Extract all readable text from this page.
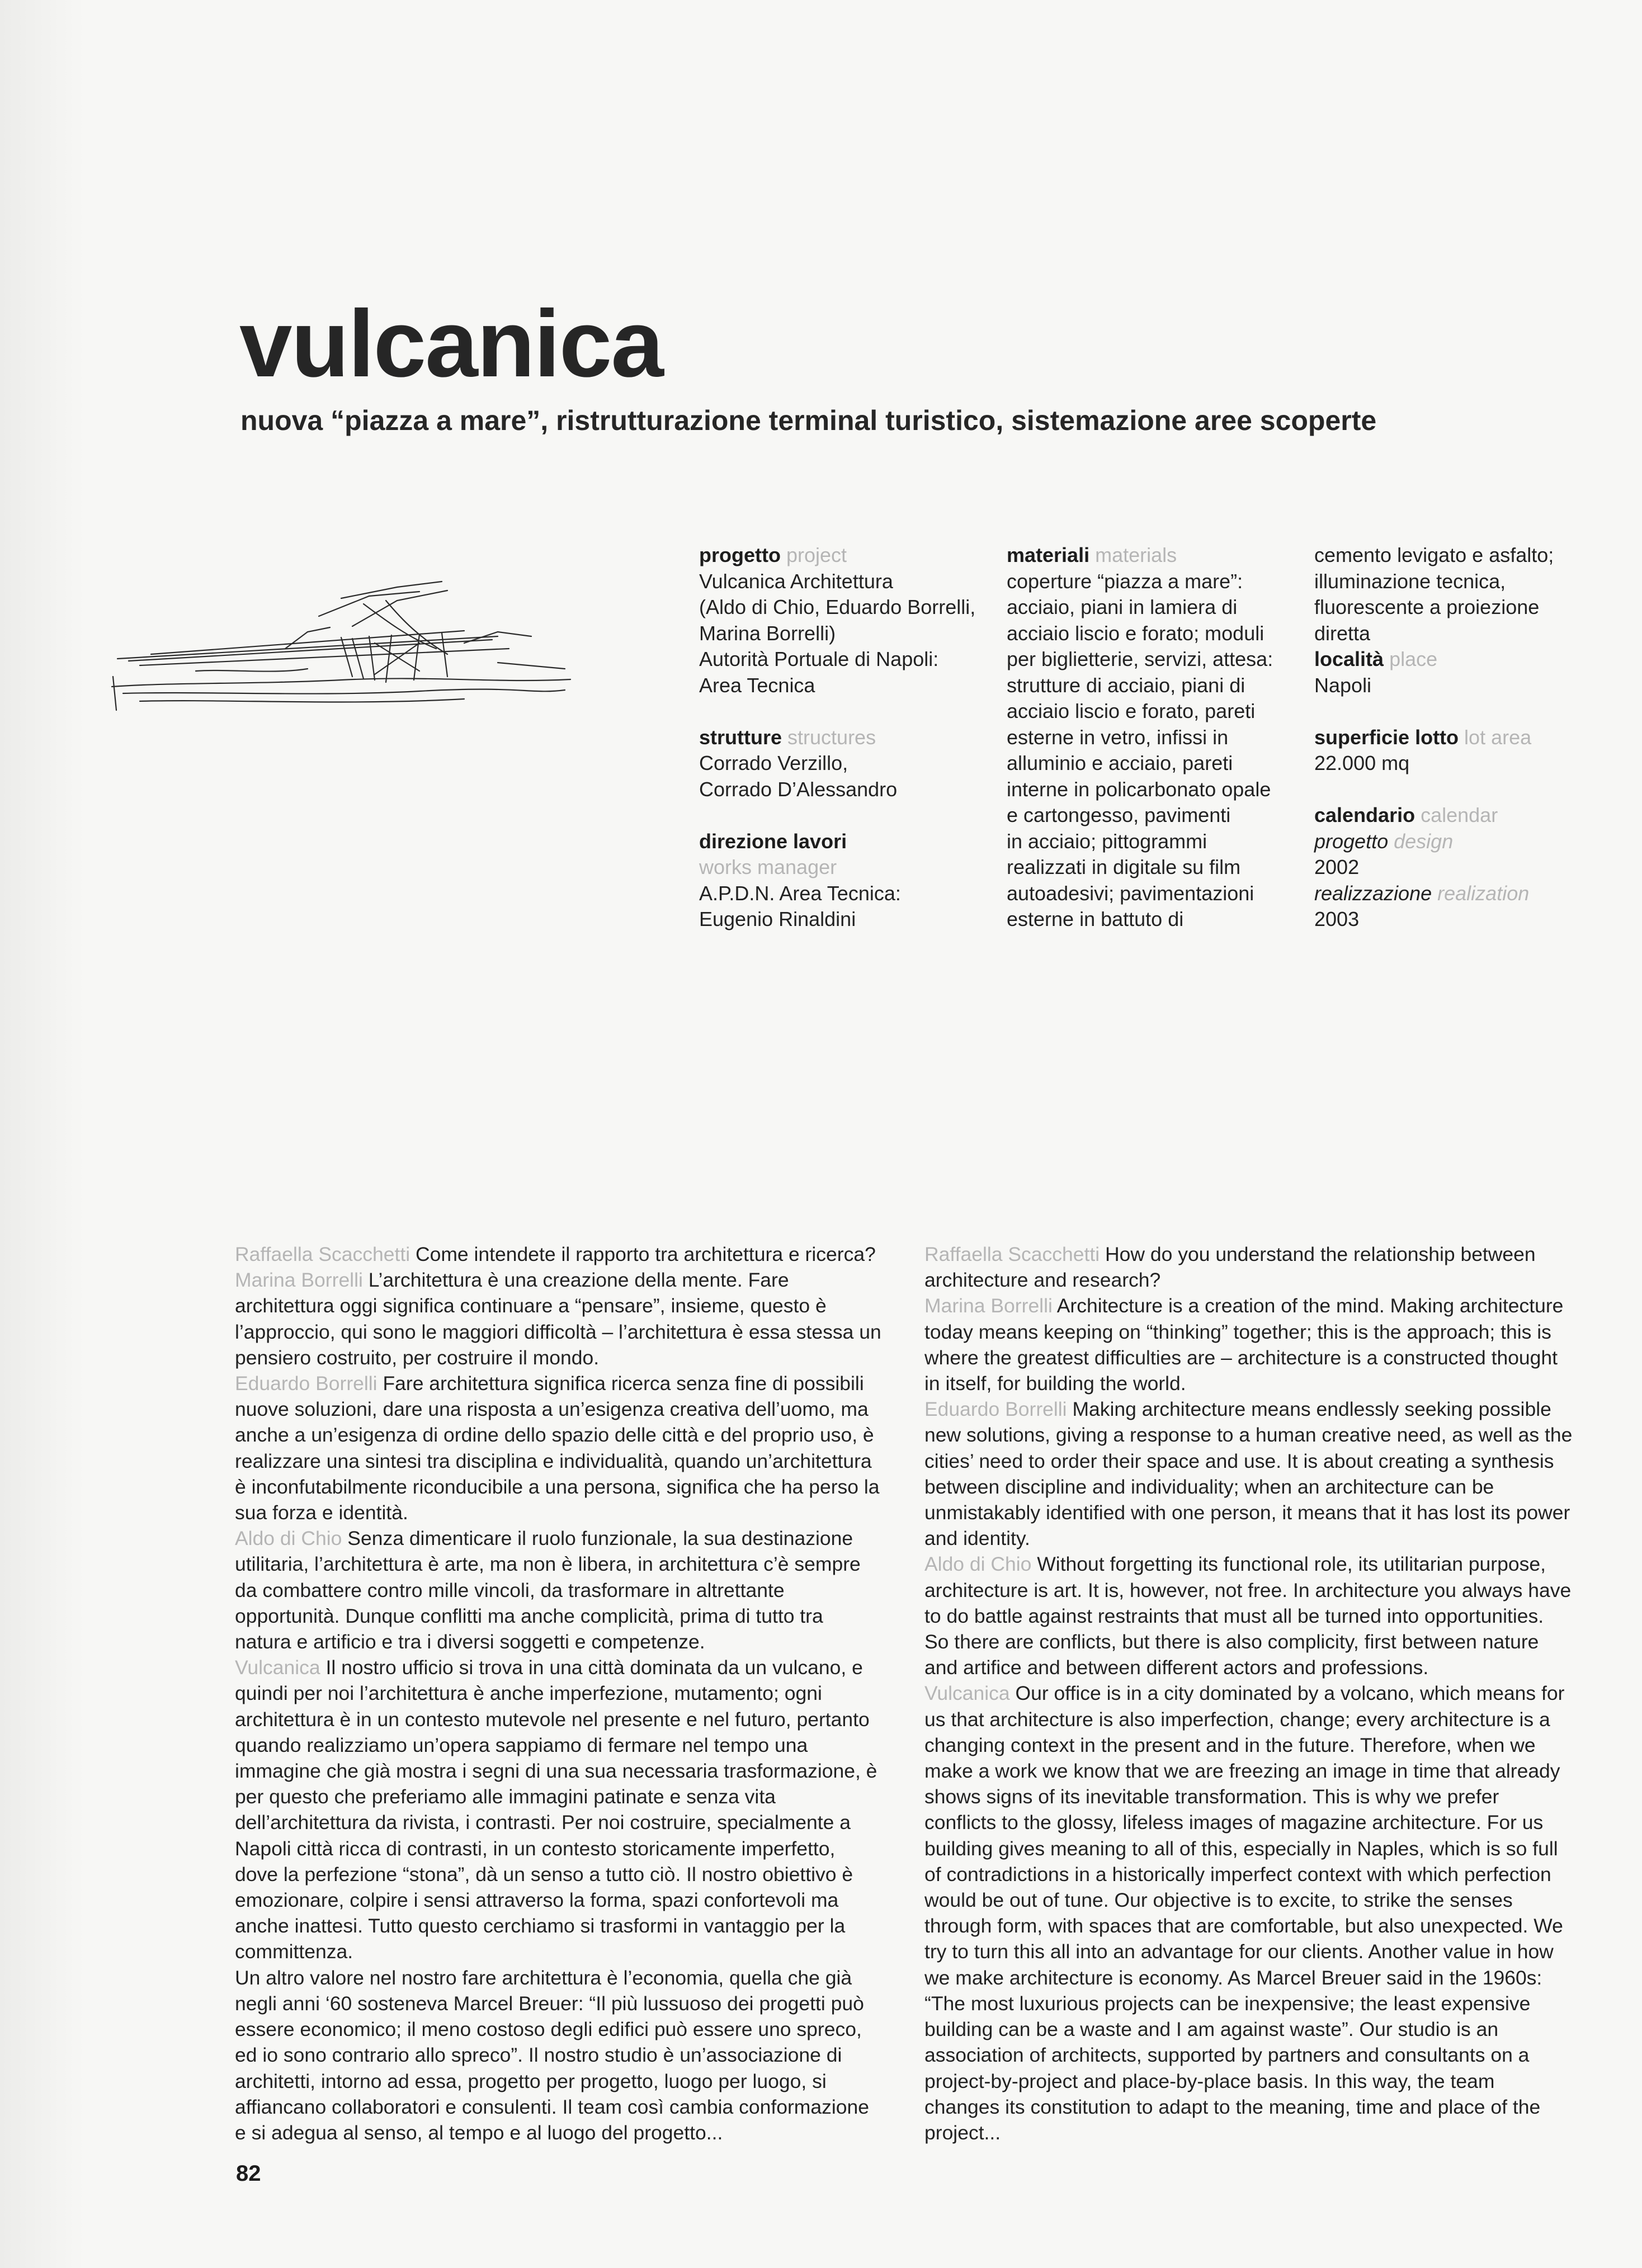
vulcanica
nuova “piazza a mare”, ristrutturazione terminal turistico, sistemazione aree scoperte
progetto project
Vulcanica Architettura
(Aldo di Chio, Eduardo Borrelli,
Marina Borrelli)
Autorità Portuale di Napoli:
Area Tecnica
strutture structures
Corrado Verzillo,
Corrado D’Alessandro
direzione lavori
works manager
A.P.D.N. Area Tecnica:
Eugenio Rinaldini
materiali materials
coperture “piazza a mare”:
acciaio, piani in lamiera di
acciaio liscio e forato; moduli
per biglietterie, servizi, attesa:
strutture di acciaio, piani di
acciaio liscio e forato, pareti
esterne in vetro, infissi in
alluminio e acciaio, pareti
interne in policarbonato opale
e cartongesso, pavimenti
in acciaio; pittogrammi
realizzati in digitale su film
autoadesivi; pavimentazioni
esterne in battuto di
cemento levigato e asfalto;
illuminazione tecnica,
fluorescente a proiezione
diretta
località place
Napoli
superficie lotto lot area
22.000 mq
calendario calendar
progetto design
2002
realizzazione realization
2003

Raffaella Scacchetti Come intendete il rapporto tra architettura e ricerca?

Marina Borrelli L’architettura è una creazione della mente. Fare architettura oggi significa continuare a “pensare”, insieme, questo è l’approccio, qui sono le maggiori difficoltà – l’architettura è essa stessa un pensiero costruito, per costruire il mondo.

Eduardo Borrelli Fare architettura significa ricerca senza fine di possibili nuove soluzioni, dare una risposta a un’esigenza creativa dell’uomo, ma anche a un’esigenza di ordine dello spazio delle città e del proprio uso, è realizzare una sintesi tra disciplina e individualità, quando un’architettura è inconfutabilmente riconducibile a una persona, significa che ha perso la sua forza e identità.

Aldo di Chio Senza dimenticare il ruolo funzionale, la sua destinazione utilitaria, l’architettura è arte, ma non è libera, in architettura c’è sempre da combattere contro mille vincoli, da trasformare in altrettante opportunità. Dunque conflitti ma anche complicità, prima di tutto tra natura e artificio e tra i diversi soggetti e competenze.

Vulcanica Il nostro ufficio si trova in una città dominata da un vulcano, e quindi per noi l’architettura è anche imperfezione, mutamento; ogni architettura è in un contesto mutevole nel presente e nel futuro, pertanto quando realizziamo un’opera sappiamo di fermare nel tempo una immagine che già mostra i segni di una sua necessaria trasformazione, è per questo che preferiamo alle immagini patinate e senza vita dell’architettura da rivista, i contrasti. Per noi costruire, specialmente a Napoli città ricca di contrasti, in un contesto storicamente imperfetto, dove la perfezione “stona”, dà un senso a tutto ciò. Il nostro obiettivo è emozionare, colpire i sensi attraverso la forma, spazi confortevoli ma anche inattesi. Tutto questo cerchiamo si trasformi in vantaggio per la committenza.

Un altro valore nel nostro fare architettura è l’economia, quella che già negli anni ‘60 sosteneva Marcel Breuer: “Il più lussuoso dei progetti può essere economico; il meno costoso degli edifici può essere uno spreco, ed io sono contrario allo spreco”. Il nostro studio è un’associazione di architetti, intorno ad essa, progetto per progetto, luogo per luogo, si affiancano collaboratori e consulenti. Il team così cambia conformazione e si adegua al senso, al tempo e al luogo del progetto...

Raffaella Scacchetti How do you understand the relationship between architecture and research?

Marina Borrelli Architecture is a creation of the mind. Making architecture today means keeping on “thinking” together; this is the approach; this is where the greatest difficulties are – architecture is a constructed thought in itself, for building the world.

Eduardo Borrelli Making architecture means endlessly seeking possible new solutions, giving a response to a human creative need, as well as the cities’ need to order their space and use. It is about creating a synthesis between discipline and individuality; when an architecture can be unmistakably identified with one person, it means that it has lost its power and identity.

Aldo di Chio Without forgetting its functional role, its utilitarian purpose, architecture is art. It is, however, not free. In architecture you always have to do battle against restraints that must all be turned into opportunities. So there are conflicts, but there is also complicity, first between nature and artifice and between different actors and professions.

Vulcanica Our office is in a city dominated by a volcano, which means for us that architecture is also imperfection, change; every architecture is a changing context in the present and in the future. Therefore, when we make a work we know that we are freezing an image in time that already shows signs of its inevitable transformation. This is why we prefer conflicts to the glossy, lifeless images of magazine architecture. For us building gives meaning to all of this, especially in Naples, which is so full of contradictions in a historically imperfect context with which perfection would be out of tune. Our objective is to excite, to strike the senses through form, with spaces that are comfortable, but also unexpected. We try to turn this all into an advantage for our clients. Another value in how we make architecture is economy. As Marcel Breuer said in the 1960s: “The most luxurious projects can be inexpensive; the least expensive building can be a waste and I am against waste”. Our studio is an association of architects, supported by partners and consultants on a project-by-project and place-by-place basis. In this way, the team changes its constitution to adapt to the meaning, time and place of the project...

82
